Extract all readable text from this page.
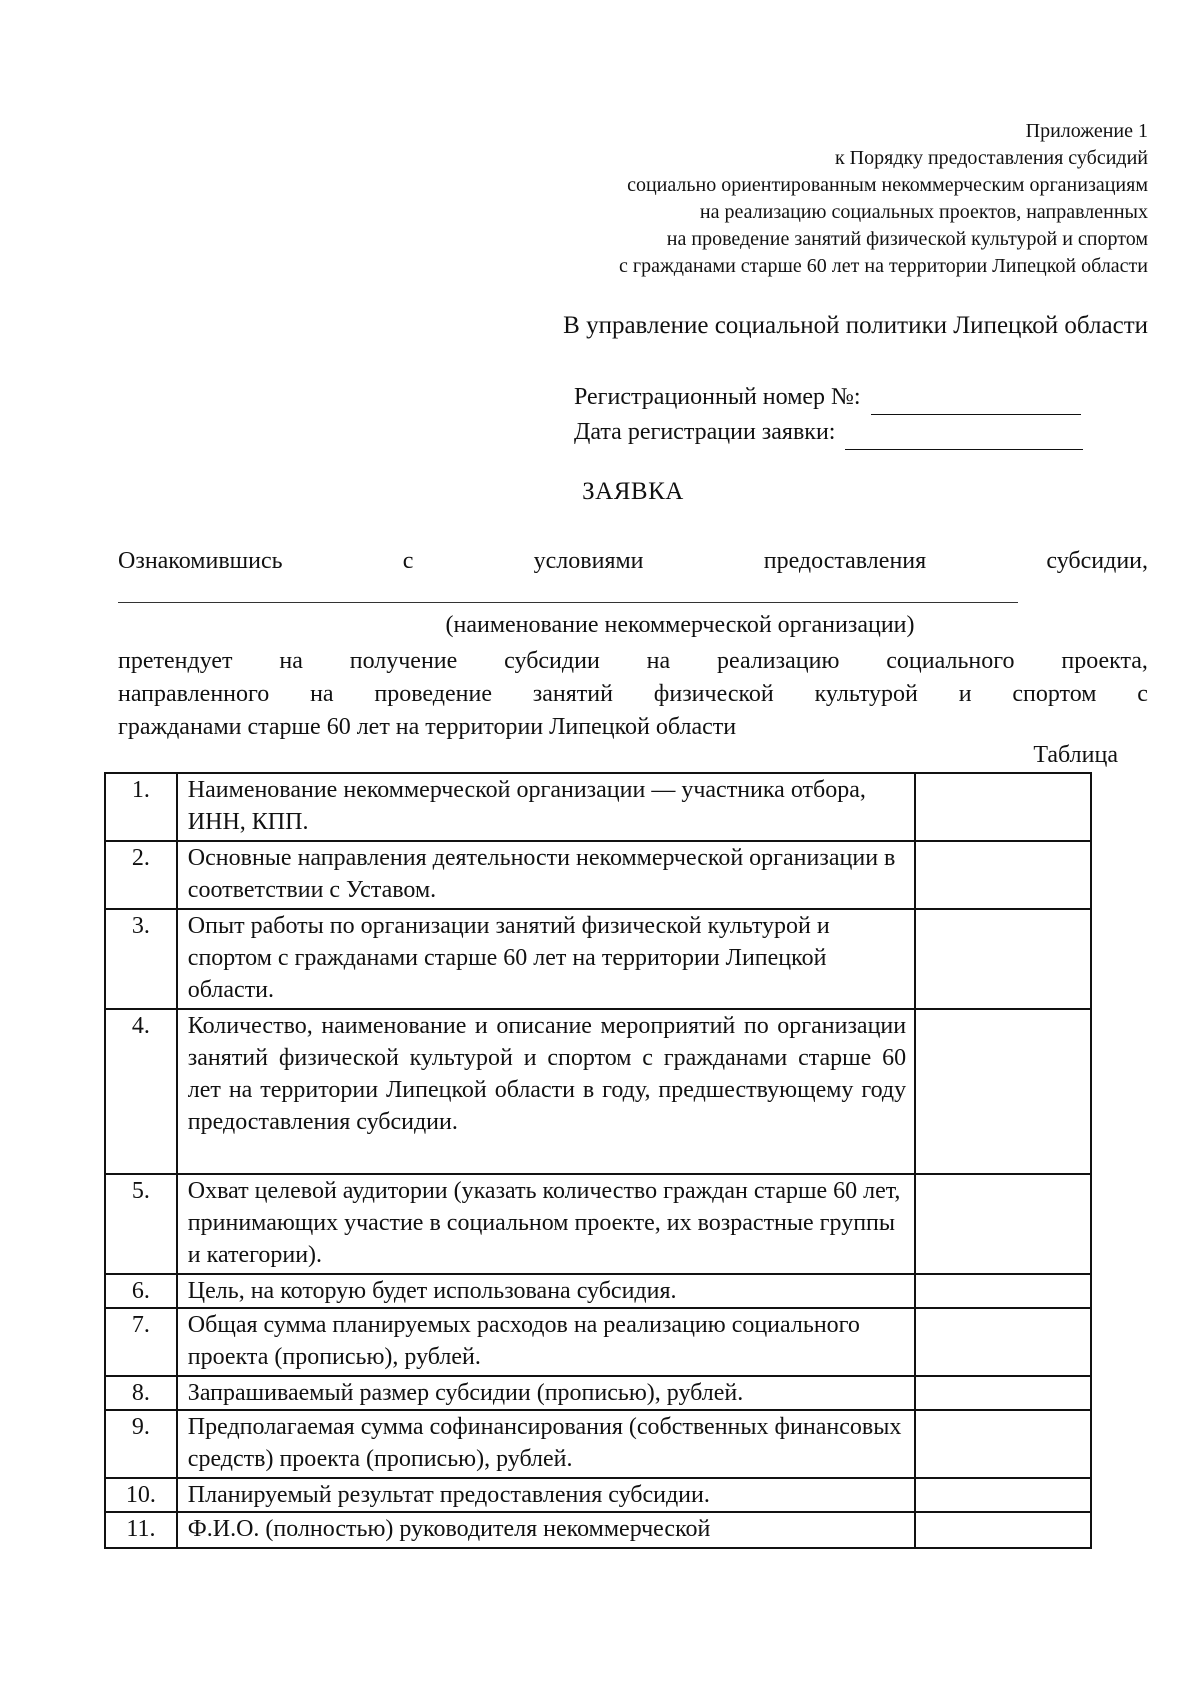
Приложение 1
к Порядку предоставления субсидий
социально ориентированным некоммерческим организациям
на реализацию социальных проектов, направленных
на проведение занятий физической культурой и спортом
с гражданами старше 60 лет на территории Липецкой области
В управление социальной политики Липецкой области
Регистрационный номер №:
Дата регистрации заявки:
ЗАЯВКА
Ознакомившись	с	условиями	предоставления	субсидии,
(наименование некоммерческой организации)
претендует на получение субсидии на реализацию социального проекта,
направленного на проведение занятий физической культурой и спортом с
гражданами старше 60 лет на территории Липецкой области
Таблица
1.	Наименование некоммерческой организации — участника отбора, ИНН, КПП.	
2.	Основные направления деятельности некоммерческой организации в соответствии с Уставом.	
3.	Опыт работы по организации занятий физической культурой и спортом с гражданами старше 60 лет на территории Липецкой области.	
4.	Количество, наименование и описание мероприятий по организации занятий физической культурой и спортом с гражданами старше 60 лет на территории Липецкой области в году, предшествующему году предоставления субсидии.	
5.	Охват целевой аудитории (указать количество граждан старше 60 лет, принимающих участие в социальном проекте, их возрастные группы и категории).	
6.	Цель, на которую будет использована субсидия.	
7.	Общая сумма планируемых расходов на реализацию социального проекта (прописью), рублей.	
8.	Запрашиваемый размер субсидии (прописью), рублей.	
9.	Предполагаемая сумма софинансирования (собственных финансовых средств) проекта (прописью), рублей.	
10.	Планируемый результат предоставления субсидии.	
11.	Ф.И.О. (полностью) руководителя некоммерческой	
